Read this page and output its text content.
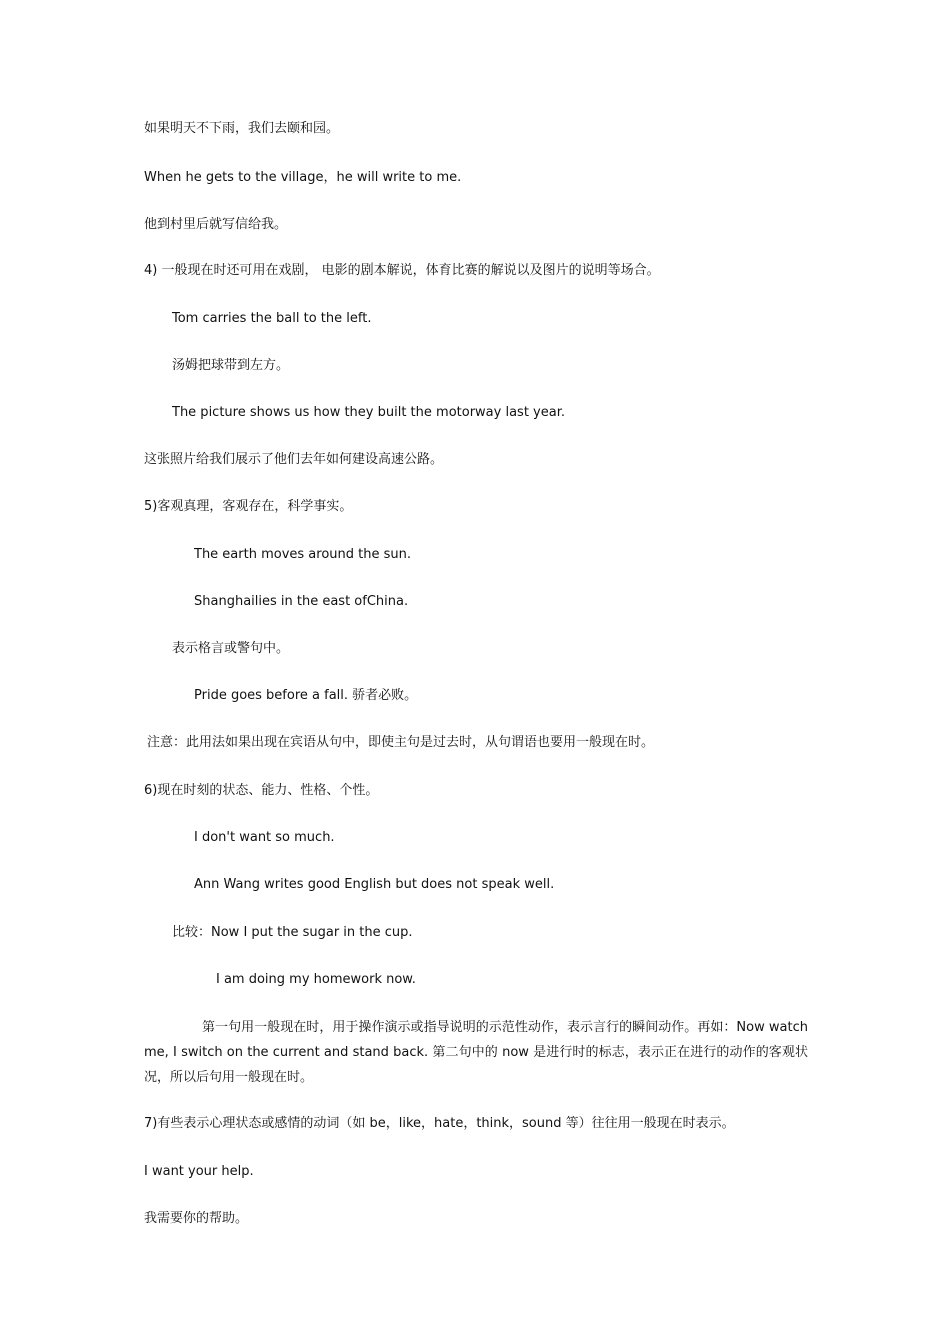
如果明天不下雨，我们去颐和园。
When he gets to the village，he will write to me.
他到村里后就写信给我。
4) 一般现在时还可用在戏剧， 电影的剧本解说，体育比赛的解说以及图片的说明等场合。
Tom carries the ball to the left.
汤姆把球带到左方。
The picture shows us how they built the motorway last year.
这张照片给我们展示了他们去年如何建设高速公路。
5)客观真理，客观存在，科学事实。
The earth moves around the sun.
Shanghailies in the east ofChina.
表示格言或警句中。
Pride goes before a fall. 骄者必败。
注意：此用法如果出现在宾语从句中，即使主句是过去时，从句谓语也要用一般现在时。
6)现在时刻的状态、能力、性格、个性。
I don't want so much.
Ann Wang writes good English but does not speak well.
比较：Now I put the sugar in the cup.
I am doing my homework now.
第一句用一般现在时，用于操作演示或指导说明的示范性动作，表示言行的瞬间动作。再如：Now watch me, I switch on the current and stand back. 第二句中的 now 是进行时的标志，表示正在进行的动作的客观状况，所以后句用一般现在时。
7)有些表示心理状态或感情的动词（如 be，like，hate，think，sound 等）往往用一般现在时表示。
I want your help.
我需要你的帮助。
